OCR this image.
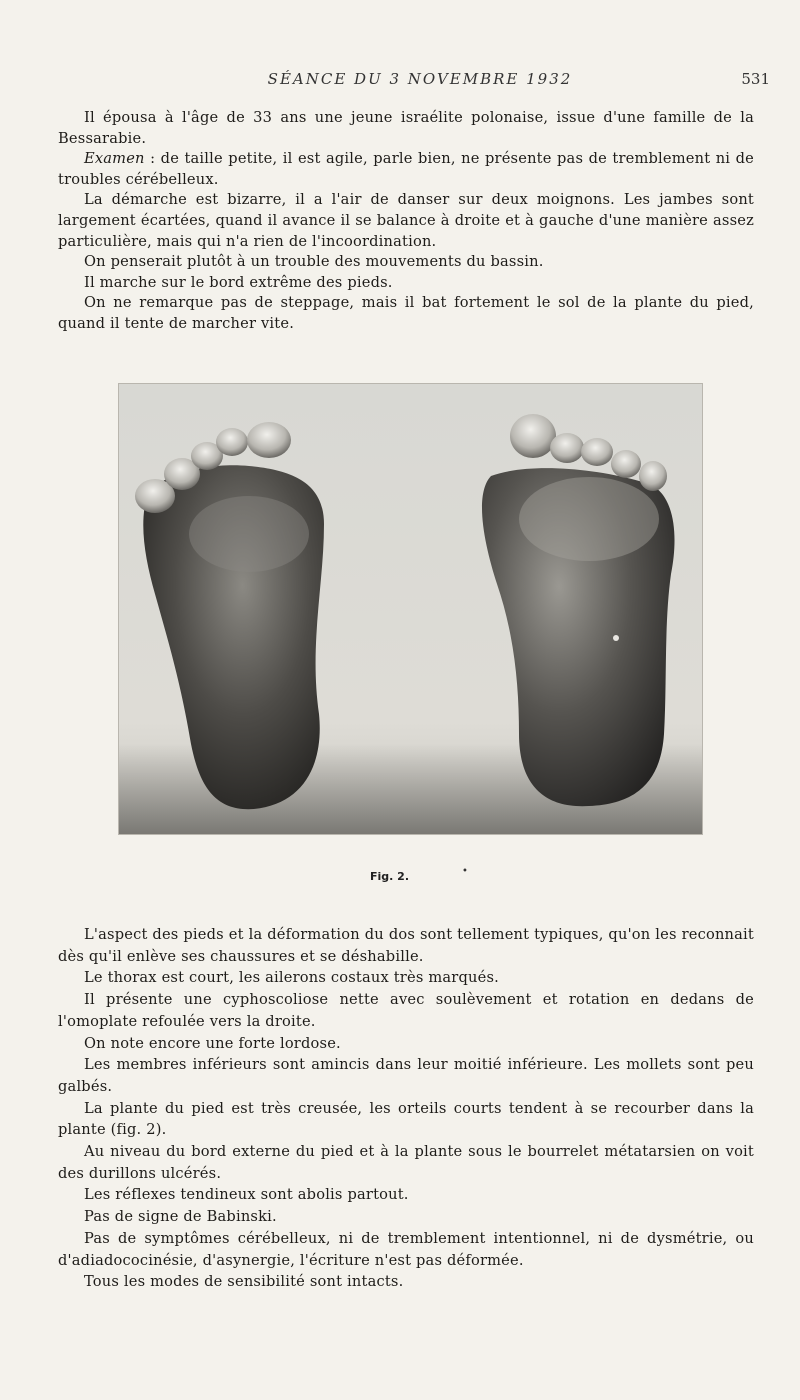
SÉANCE DU 3 NOVEMBRE 1932	531

Il épousa à l'âge de 33 ans une jeune israélite polonaise, issue d'une famille de la Bessarabie.

Examen : de taille petite, il est agile, parle bien, ne présente pas de tremblement ni de troubles cérébelleux.

La démarche est bizarre, il a l'air de danser sur deux moignons. Les jambes sont largement écartées, quand il avance il se balance à droite et à gauche d'une manière assez particulière, mais qui n'a rien de l'incoordination.

On penserait plutôt à un trouble des mouvements du bassin.

Il marche sur le bord extrême des pieds.

On ne remarque pas de steppage, mais il bat fortement le sol de la plante du pied, quand il tente de marcher vite.

Fig. 2.	•

L'aspect des pieds et la déformation du dos sont tellement typiques, qu'on les reconnait dès qu'il enlève ses chaussures et se déshabille.

Le thorax est court, les ailerons costaux très marqués.

Il présente une cyphoscoliose nette avec soulèvement et rotation en dedans de l'omoplate refoulée vers la droite.

On note encore une forte lordose.

Les membres inférieurs sont amincis dans leur moitié inférieure. Les mollets sont peu galbés.

La plante du pied est très creusée, les orteils courts tendent à se recourber dans la plante (fig. 2).

Au niveau du bord externe du pied et à la plante sous le bourrelet métatarsien on voit des durillons ulcérés.

Les réflexes tendineux sont abolis partout.

Pas de signe de Babinski.

Pas de symptômes cérébelleux, ni de tremblement intentionnel, ni de dysmétrie, ou d'adiadococinésie, d'asynergie, l'écriture n'est pas déformée.

Tous les modes de sensibilité sont intacts.
